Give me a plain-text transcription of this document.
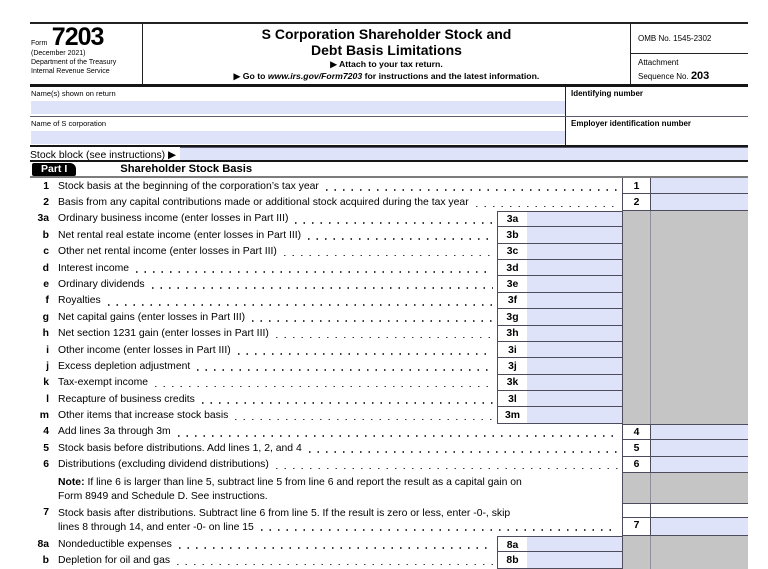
Form 7203
(December 2021)
Department of the Treasury
Internal Revenue Service
S Corporation Shareholder Stock and
Debt Basis Limitations
▶ Attach to your tax return.
▶ Go to www.irs.gov/Form7203 for instructions and the latest information.
OMB No. 1545-2302
Attachment
Sequence No. 203
Name(s) shown on return	Identifying number
Name of S corporation	Employer identification number
Stock block (see instructions) ▶
Part I	Shareholder Stock Basis
1 Stock basis at the beginning of the corporation’s tax year	1
2 Basis from any capital contributions made or additional stock acquired during the tax year	2
3a Ordinary business income (enter losses in Part III)	3a
b Net rental real estate income (enter losses in Part III)	3b
c Other net rental income (enter losses in Part III)	3c
d Interest income	3d
e Ordinary dividends	3e
f Royalties	3f
g Net capital gains (enter losses in Part III)	3g
h Net section 1231 gain (enter losses in Part III)	3h
i Other income (enter losses in Part III)	3i
j Excess depletion adjustment	3j
k Tax-exempt income	3k
l Recapture of business credits	3l
m Other items that increase stock basis	3m
4 Add lines 3a through 3m	4
5 Stock basis before distributions. Add lines 1, 2, and 4	5
6 Distributions (excluding dividend distributions)	6
Note: If line 6 is larger than line 5, subtract line 5 from line 6 and report the result as a capital gain on
Form 8949 and Schedule D. See instructions.
7 Stock basis after distributions. Subtract line 6 from line 5. If the result is zero or less, enter -0-, skip
lines 8 through 14, and enter -0- on line 15	7
8a Nondeductible expenses	8a
b Depletion for oil and gas	8b
